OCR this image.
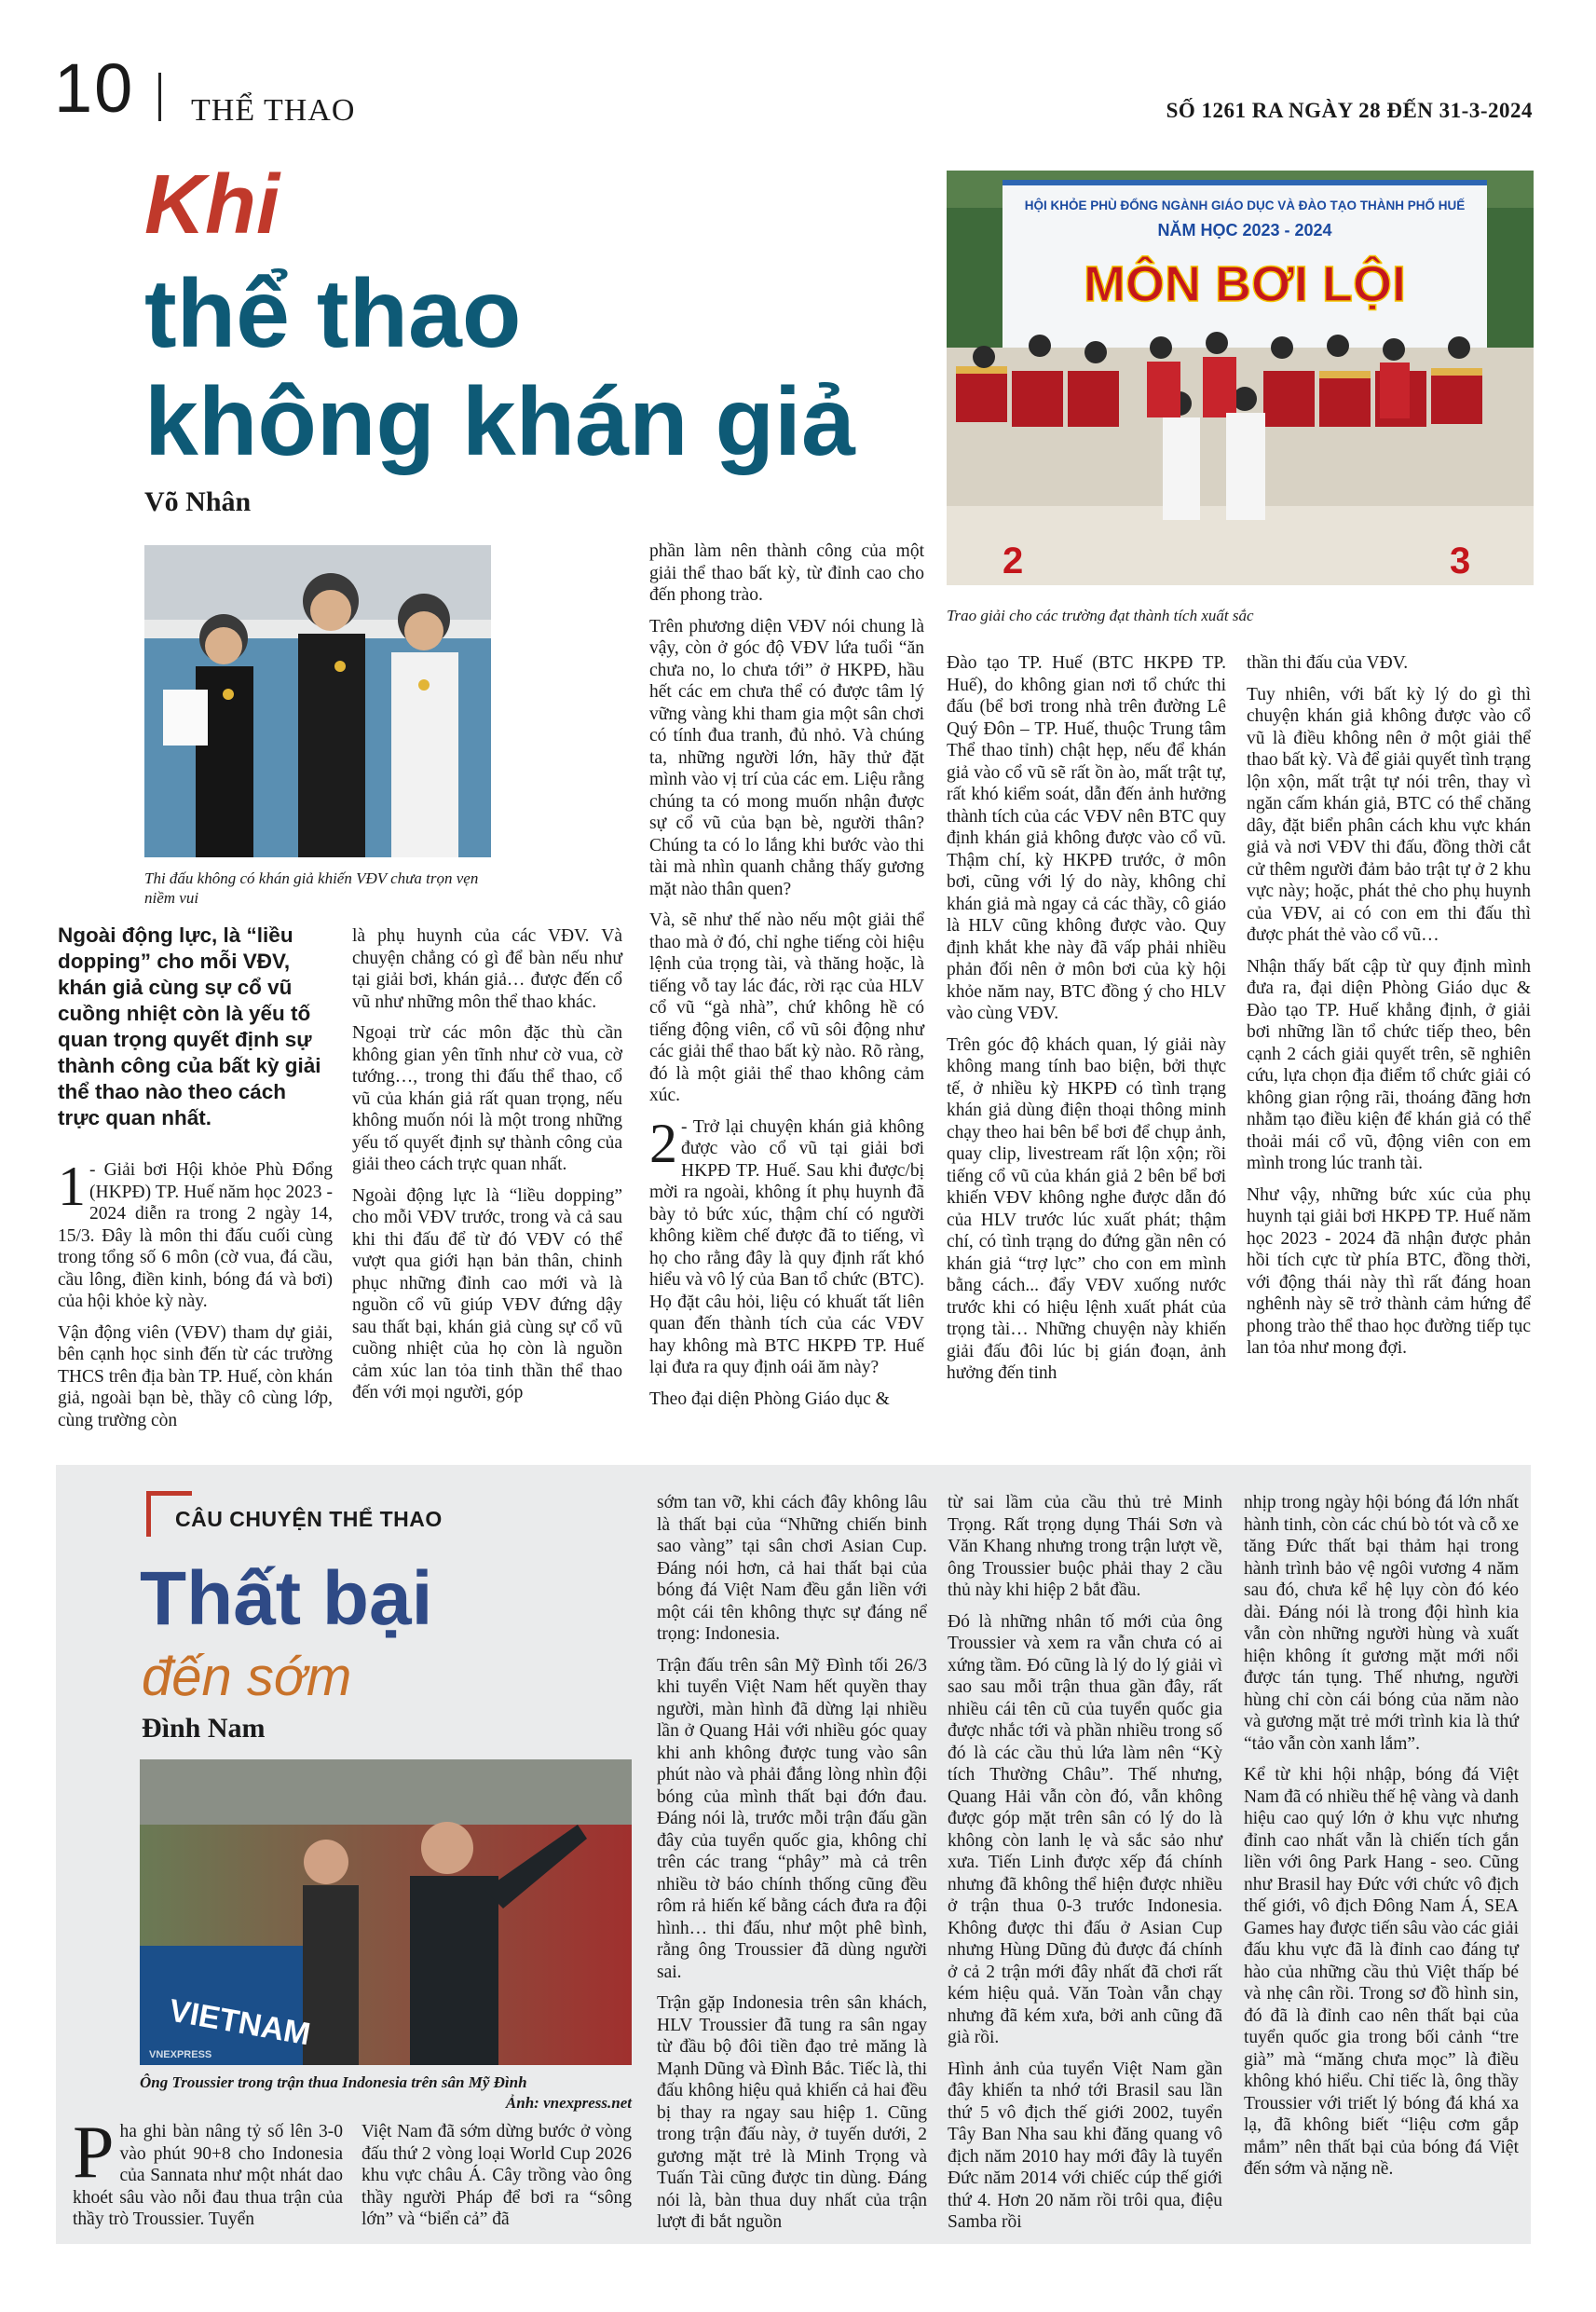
10 THỂ THAO	SỐ 1261 RA NGÀY 28 ĐẾN 31-3-2024
Khi
thể thao
không khán giả
Võ Nhân
HỘI KHỎE PHÙ ĐỔNG NGÀNH GIÁO DỤC VÀ ĐÀO TẠO THÀNH PHỐ HUẾ
NĂM HỌC 2023 - 2024
MÔN BƠI LỘI
2	3
Trao giải cho các trường đạt thành tích xuất sắc
Thi đấu không có khán giả khiến VĐV chưa trọn vẹn niềm vui

Ngoài động lực, là “liều dopping” cho mỗi VĐV, khán giả cùng sự cổ vũ cuồng nhiệt còn là yếu tố quan trọng quyết định sự thành công của bất kỳ giải thể thao nào theo cách trực quan nhất.

1 - Giải bơi Hội khỏe Phù Đổng (HKPĐ) TP. Huế năm học 2023 - 2024 diễn ra trong 2 ngày 14, 15/3. Đây là môn thi đấu cuối cùng trong tổng số 6 môn (cờ vua, đá cầu, cầu lông, điền kinh, bóng đá và bơi) của hội khỏe kỳ này.

Vận động viên (VĐV) tham dự giải, bên cạnh học sinh đến từ các trường THCS trên địa bàn TP. Huế, còn khán giả, ngoài bạn bè, thầy cô cùng lớp, cùng trường còn

là phụ huynh của các VĐV. Và chuyện chẳng có gì để bàn nếu như tại giải bơi, khán giả… được đến cổ vũ như những môn thể thao khác.

Ngoại trừ các môn đặc thù cần không gian yên tĩnh như cờ vua, cờ tướng…, trong thi đấu thể thao, cổ vũ của khán giả rất quan trọng, nếu không muốn nói là một trong những yếu tố quyết định sự thành công của giải theo cách trực quan nhất.

Ngoài động lực là “liều dopping” cho mỗi VĐV trước, trong và cả sau khi thi đấu để từ đó VĐV có thể vượt qua giới hạn bản thân, chinh phục những đỉnh cao mới và là nguồn cổ vũ giúp VĐV đứng dậy sau thất bại, khán giả cùng sự cổ vũ cuồng nhiệt của họ còn là nguồn cảm xúc lan tỏa tinh thần thể thao đến với mọi người, góp

phần làm nên thành công của một giải thể thao bất kỳ, từ đỉnh cao cho đến phong trào.

Trên phương diện VĐV nói chung là vậy, còn ở góc độ VĐV lứa tuổi “ăn chưa no, lo chưa tới” ở HKPĐ, hầu hết các em chưa thể có được tâm lý vững vàng khi tham gia một sân chơi có tính đua tranh, đủ nhỏ. Và chúng ta, những người lớn, hãy thử đặt mình vào vị trí của các em. Liệu rằng chúng ta có mong muốn nhận được sự cổ vũ của bạn bè, người thân? Chúng ta có lo lắng khi bước vào thi tài mà nhìn quanh chẳng thấy gương mặt nào thân quen?

Và, sẽ như thế nào nếu một giải thể thao mà ở đó, chỉ nghe tiếng còi hiệu lệnh của trọng tài, và thăng hoặc, là tiếng vỗ tay lác đác, rời rạc của HLV cổ vũ “gà nhà”, chứ không hề có tiếng động viên, cổ vũ sôi động như các giải thể thao bất kỳ nào. Rõ ràng, đó là một giải thể thao không cảm xúc.

2 - Trở lại chuyện khán giả không được vào cổ vũ tại giải bơi HKPĐ TP. Huế. Sau khi được/bị mời ra ngoài, không ít phụ huynh đã bày tỏ bức xúc, thậm chí có người không kiềm chế được đã to tiếng, vì họ cho rằng đây là quy định rất khó hiểu và vô lý của Ban tổ chức (BTC). Họ đặt câu hỏi, liệu có khuất tất liên quan đến thành tích của các VĐV hay không mà BTC HKPĐ TP. Huế lại đưa ra quy định oái ăm này?

Theo đại diện Phòng Giáo dục &

Đào tạo TP. Huế (BTC HKPĐ TP. Huế), do không gian nơi tổ chức thi đấu (bể bơi trong nhà trên đường Lê Quý Đôn – TP. Huế, thuộc Trung tâm Thể thao tỉnh) chật hẹp, nếu để khán giả vào cổ vũ sẽ rất ồn ào, mất trật tự, rất khó kiểm soát, dẫn đến ảnh hưởng thành tích của các VĐV nên BTC quy định khán giả không được vào cổ vũ. Thậm chí, kỳ HKPĐ trước, ở môn bơi, cũng với lý do này, không chỉ khán giả mà ngay cả các thầy, cô giáo là HLV cũng không được vào. Quy định khắt khe này đã vấp phải nhiều phản đối nên ở môn bơi của kỳ hội khỏe năm nay, BTC đồng ý cho HLV vào cùng VĐV.

Trên góc độ khách quan, lý giải này không mang tính bao biện, bởi thực tế, ở nhiều kỳ HKPĐ có tình trạng khán giả dùng điện thoại thông minh chạy theo hai bên bể bơi để chụp ảnh, quay clip, livestream rất lộn xộn; rồi tiếng cổ vũ của khán giả 2 bên bể bơi khiến VĐV không nghe được dẫn đó của HLV trước lúc xuất phát; thậm chí, có tình trạng do đứng gần nên có khán giả “trợ lực” cho con em mình bằng cách... đẩy VĐV xuống nước trước khi có hiệu lệnh xuất phát của trọng tài… Những chuyện này khiến giải đấu đôi lúc bị gián đoạn, ảnh hưởng đến tinh

thần thi đấu của VĐV.

Tuy nhiên, với bất kỳ lý do gì thì chuyện khán giả không được vào cổ vũ là điều không nên ở một giải thể thao bất kỳ. Và để giải quyết tình trạng lộn xộn, mất trật tự nói trên, thay vì ngăn cấm khán giả, BTC có thể chăng dây, đặt biển phân cách khu vực khán giả và nơi VĐV thi đấu, đồng thời cắt cử thêm người đảm bảo trật tự ở 2 khu vực này; hoặc, phát thẻ cho phụ huynh của VĐV, ai có con em thi đấu thì được phát thẻ vào cổ vũ…

Nhận thấy bất cập từ quy định mình đưa ra, đại diện Phòng Giáo dục & Đào tạo TP. Huế khẳng định, ở giải bơi những lần tổ chức tiếp theo, bên cạnh 2 cách giải quyết trên, sẽ nghiên cứu, lựa chọn địa điểm tổ chức giải có không gian rộng rãi, thoáng đãng hơn nhằm tạo điều kiện để khán giả có thể thoải mái cổ vũ, động viên con em mình trong lúc tranh tài.

Như vậy, những bức xúc của phụ huynh tại giải bơi HKPĐ TP. Huế năm học 2023 - 2024 đã nhận được phản hồi tích cực từ phía BTC, đồng thời, với động thái này thì rất đáng hoan nghênh này sẽ trở thành cảm hứng để phong trào thể thao học đường tiếp tục lan tỏa như mong đợi.

CÂU CHUYỆN THỂ THAO
Thất bại
đến sớm
Đình Nam
VIETNAM
VNEXPRESS
Ông Troussier trong trận thua Indonesia trên sân Mỹ Đình
Ảnh: vnexpress.net

Pha ghi bàn nâng tỷ số lên 3-0 vào phút 90+8 cho Indonesia của Sannata như một nhát dao khoét sâu vào nỗi đau thua trận của thầy trò Troussier. Tuyển

Việt Nam đã sớm dừng bước ở vòng đấu thứ 2 vòng loại World Cup 2026 khu vực châu Á. Cây trồng vào ông thầy người Pháp để bơi ra “sông lớn” và “biển cả” đã

sớm tan vỡ, khi cách đây không lâu là thất bại của “Những chiến binh sao vàng” tại sân chơi Asian Cup. Đáng nói hơn, cả hai thất bại của bóng đá Việt Nam đều gắn liền với một cái tên không thực sự đáng nể trọng: Indonesia.

Trận đấu trên sân Mỹ Đình tối 26/3 khi tuyển Việt Nam hết quyền thay người, màn hình đã dừng lại nhiều lần ở Quang Hải với nhiều góc quay khi anh không được tung vào sân phút nào và phải đắng lòng nhìn đội bóng của mình thất bại đớn đau. Đáng nói là, trước mỗi trận đấu gần đây của tuyển quốc gia, không chỉ trên các trang “phây” mà cả trên nhiều tờ báo chính thống cũng đều rôm rả hiến kế bằng cách đưa ra đội hình… thi đấu, như một phê bình, rằng ông Troussier đã dùng người sai.

Trận gặp Indonesia trên sân khách, HLV Troussier đã tung ra sân ngay từ đầu bộ đôi tiền đạo trẻ măng là Mạnh Dũng và Đình Bắc. Tiếc là, thi đấu không hiệu quả khiến cả hai đều bị thay ra ngay sau hiệp 1. Cũng trong trận đấu này, ở tuyến dưới, 2 gương mặt trẻ là Minh Trọng và Tuấn Tài cũng được tin dùng. Đáng nói là, bàn thua duy nhất của trận lượt đi bắt nguồn

từ sai lầm của cầu thủ trẻ Minh Trọng. Rất trọng dụng Thái Sơn và Văn Khang nhưng trong trận lượt về, ông Troussier buộc phải thay 2 cầu thủ này khi hiệp 2 bắt đầu.

Đó là những nhân tố mới của ông Troussier và xem ra vẫn chưa có ai xứng tầm. Đó cũng là lý do lý giải vì sao sau mỗi trận thua gần đây, rất nhiều cái tên cũ của tuyển quốc gia được nhắc tới và phần nhiều trong số đó là các cầu thủ lứa làm nên “Kỳ tích Thường Châu”. Thế nhưng, Quang Hải vẫn còn đó, vẫn không được góp mặt trên sân có lý do là không còn lanh lẹ và sắc sảo như xưa. Tiến Linh được xếp đá chính nhưng đã không thể hiện được nhiều ở trận thua 0-3 trước Indonesia. Không được thi đấu ở Asian Cup nhưng Hùng Dũng đủ được đá chính ở cả 2 trận mới đây nhất đã chơi rất kém hiệu quả. Văn Toàn vẫn chạy nhưng đã kém xưa, bởi anh cũng đã già rồi.

Hình ảnh của tuyển Việt Nam gần đây khiến ta nhớ tới Brasil sau lần thứ 5 vô địch thế giới 2002, tuyển Tây Ban Nha sau khi đăng quang vô địch năm 2010 hay mới đây là tuyển Đức năm 2014 với chiếc cúp thế giới thứ 4. Hơn 20 năm rồi trôi qua, điệu Samba rồi

nhịp trong ngày hội bóng đá lớn nhất hành tinh, còn các chú bò tót và cỗ xe tăng Đức thất bại thảm hại trong hành trình bảo vệ ngôi vương 4 năm sau đó, chưa kể hệ lụy còn đó kéo dài. Đáng nói là trong đội hình kia vẫn còn những người hùng và xuất hiện không ít gương mặt mới nổi được tán tụng. Thế nhưng, người hùng chỉ còn cái bóng của năm nào và gương mặt trẻ mới trình kia là thứ “tảo vẫn còn xanh lắm”.

Kể từ khi hội nhập, bóng đá Việt Nam đã có nhiều thế hệ vàng và danh hiệu cao quý lớn ở khu vực nhưng đỉnh cao nhất vẫn là chiến tích gắn liền với ông Park Hang - seo. Cũng như Brasil hay Đức với chức vô địch thế giới, vô địch Đông Nam Á, SEA Games hay được tiến sâu vào các giải đấu khu vực đã là đỉnh cao đáng tự hào của những cầu thủ Việt thấp bé và nhẹ cân rồi. Trong sơ đồ hình sin, đó đã là đỉnh cao nên thất bại của tuyển quốc gia trong bối cảnh “tre già” mà “măng chưa mọc” là điều không khó hiểu. Chỉ tiếc là, ông thầy Troussier với triết lý bóng đá khá xa lạ, đã không biết “liệu cơm gắp mắm” nên thất bại của bóng đá Việt đến sớm và nặng nề.
